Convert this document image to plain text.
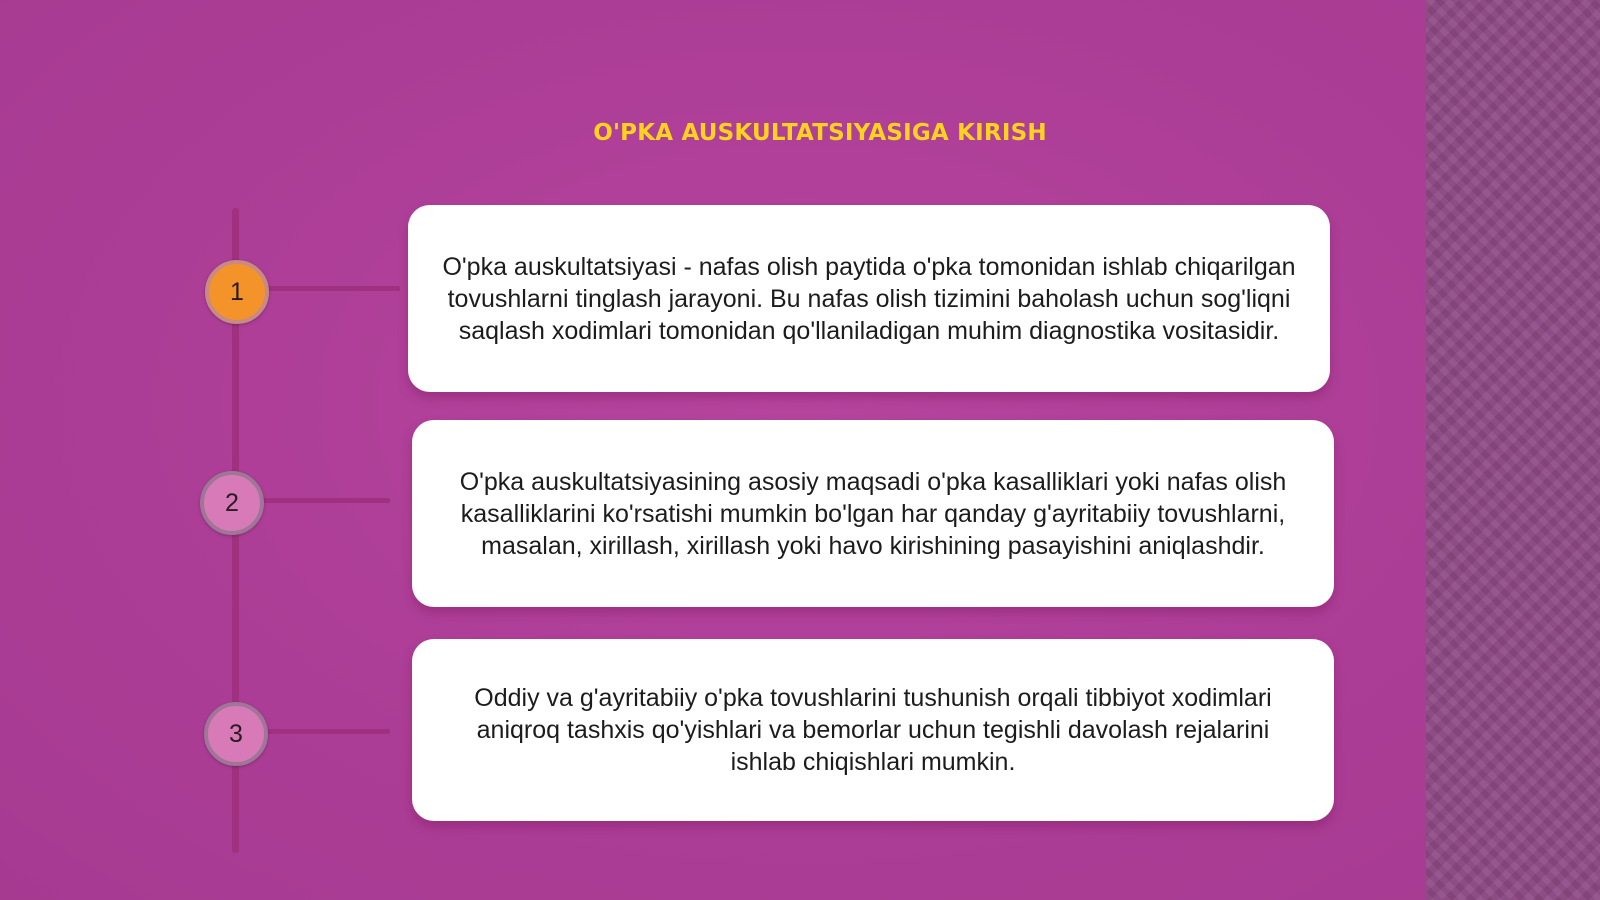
O'PKA AUSKULTATSIYASIGA KIRISH
1
O'pka auskultatsiyasi - nafas olish paytida o'pka tomonidan ishlab chiqarilgan tovushlarni tinglash jarayoni. Bu nafas olish tizimini baholash uchun sog'liqni saqlash xodimlari tomonidan qo'llaniladigan muhim diagnostika vositasidir.
2
O'pka auskultatsiyasining asosiy maqsadi o'pka kasalliklari yoki nafas olish kasalliklarini ko'rsatishi mumkin bo'lgan har qanday g'ayritabiiy tovushlarni, masalan, xirillash, xirillash yoki havo kirishining pasayishini aniqlashdir.
3
Oddiy va g'ayritabiiy o'pka tovushlarini tushunish orqali tibbiyot xodimlari aniqroq tashxis qo'yishlari va bemorlar uchun tegishli davolash rejalarini ishlab chiqishlari mumkin.
